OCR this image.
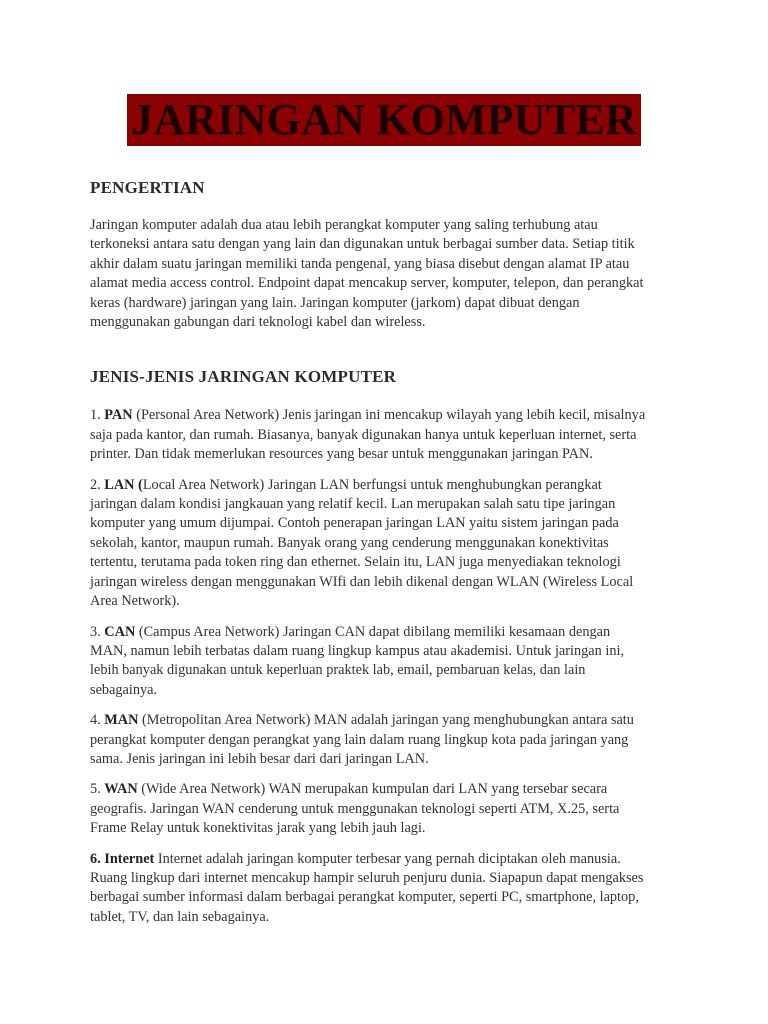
JARINGAN KOMPUTER
PENGERTIAN

Jaringan komputer adalah dua atau lebih perangkat komputer yang saling terhubung atau
terkoneksi antara satu dengan yang lain dan digunakan untuk berbagai sumber data. Setiap titik
akhir dalam suatu jaringan memiliki tanda pengenal, yang biasa disebut dengan alamat IP atau
alamat media access control. Endpoint dapat mencakup server, komputer, telepon, dan perangkat
keras (hardware) jaringan yang lain. Jaringan komputer (jarkom) dapat dibuat dengan
menggunakan gabungan dari teknologi kabel dan wireless.

JENIS-JENIS JARINGAN KOMPUTER

1. PAN (Personal Area Network) Jenis jaringan ini mencakup wilayah yang lebih kecil, misalnya
saja pada kantor, dan rumah. Biasanya, banyak digunakan hanya untuk keperluan internet, serta
printer. Dan tidak memerlukan resources yang besar untuk menggunakan jaringan PAN.

2. LAN (Local Area Network) Jaringan LAN berfungsi untuk menghubungkan perangkat
jaringan dalam kondisi jangkauan yang relatif kecil. Lan merupakan salah satu tipe jaringan
komputer yang umum dijumpai. Contoh penerapan jaringan LAN yaitu sistem jaringan pada
sekolah, kantor, maupun rumah. Banyak orang yang cenderung menggunakan konektivitas
tertentu, terutama pada token ring dan ethernet. Selain itu, LAN juga menyediakan teknologi
jaringan wireless dengan menggunakan WIfi dan lebih dikenal dengan WLAN (Wireless Local
Area Network).

3. CAN (Campus Area Network) Jaringan CAN dapat dibilang memiliki kesamaan dengan
MAN, namun lebih terbatas dalam ruang lingkup kampus atau akademisi. Untuk jaringan ini,
lebih banyak digunakan untuk keperluan praktek lab, email, pembaruan kelas, dan lain
sebagainya.

4. MAN (Metropolitan Area Network) MAN adalah jaringan yang menghubungkan antara satu
perangkat komputer dengan perangkat yang lain dalam ruang lingkup kota pada jaringan yang
sama. Jenis jaringan ini lebih besar dari dari jaringan LAN.

5. WAN (Wide Area Network) WAN merupakan kumpulan dari LAN yang tersebar secara
geografis. Jaringan WAN cenderung untuk menggunakan teknologi seperti ATM, X.25, serta
Frame Relay untuk konektivitas jarak yang lebih jauh lagi.

6. Internet Internet adalah jaringan komputer terbesar yang pernah diciptakan oleh manusia.
Ruang lingkup dari internet mencakup hampir seluruh penjuru dunia. Siapapun dapat mengakses
berbagai sumber informasi dalam berbagai perangkat komputer, seperti PC, smartphone, laptop,
tablet, TV, dan lain sebagainya.
